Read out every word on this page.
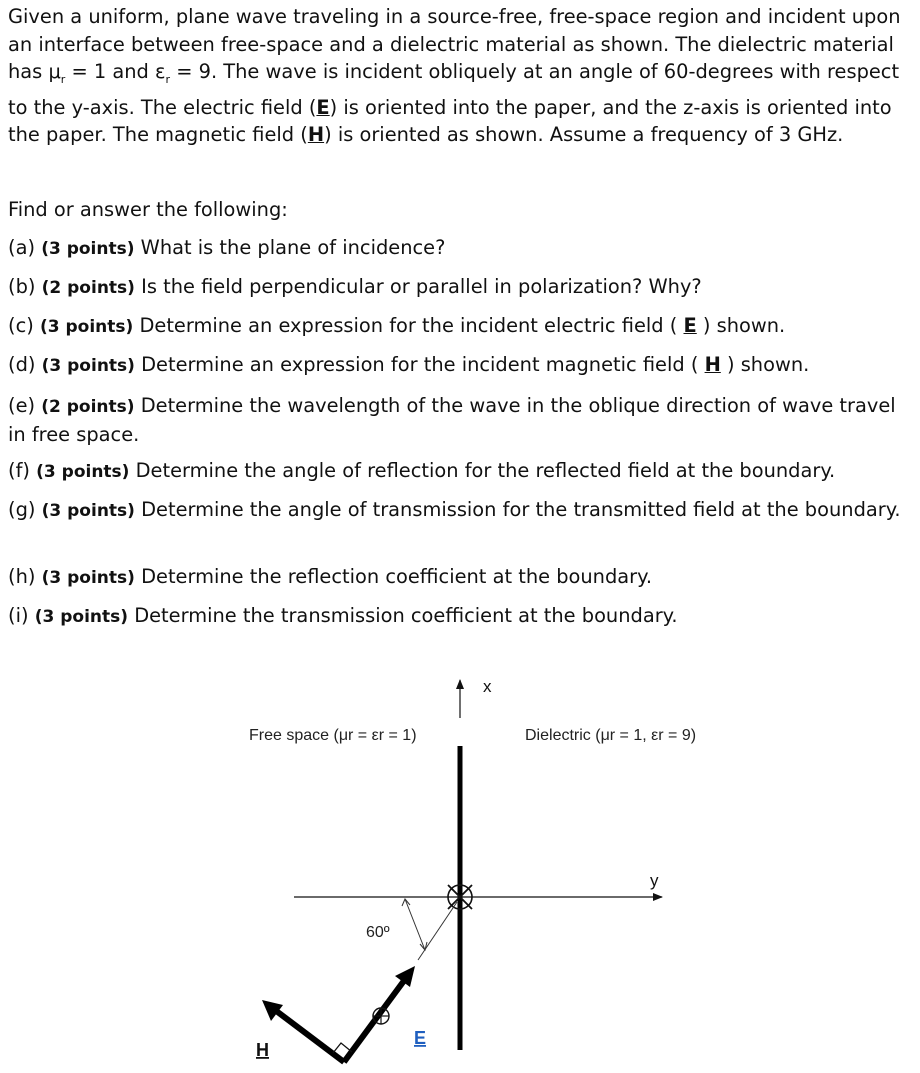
Given a uniform, plane wave traveling in a source-free, free-space region and incident upon an interface between free-space and a dielectric material as shown. The dielectric material has $\mu_r = 1$ and $\varepsilon_r = 9$. The wave is incident obliquely at an angle of 60-degrees with respect to the y-axis. The electric field (E) is oriented into the paper, and the z-axis is oriented into the paper. The magnetic field (H) is oriented as shown. Assume a frequency of 3 GHz.

Find or answer the following:

(a) (3 points) What is the plane of incidence?

(b) (2 points) Is the field perpendicular or parallel in polarization? Why?

(c) (3 points) Determine an expression for the incident electric field ( E ) shown.

(d) (3 points) Determine an expression for the incident magnetic field ( H ) shown.

(e) (2 points) Determine the wavelength of the wave in the oblique direction of wave travel in free space.

(f) (3 points) Determine the angle of reflection for the reflected field at the boundary.

(g) (3 points) Determine the angle of transmission for the transmitted field at the boundary.

(h) (3 points) Determine the reflection coefficient at the boundary.

(i) (3 points) Determine the transmission coefficient at the boundary.

x
y
Free space (μr = εr = 1)	Dielectric (μr = 1, εr = 9)
60º
H
E
